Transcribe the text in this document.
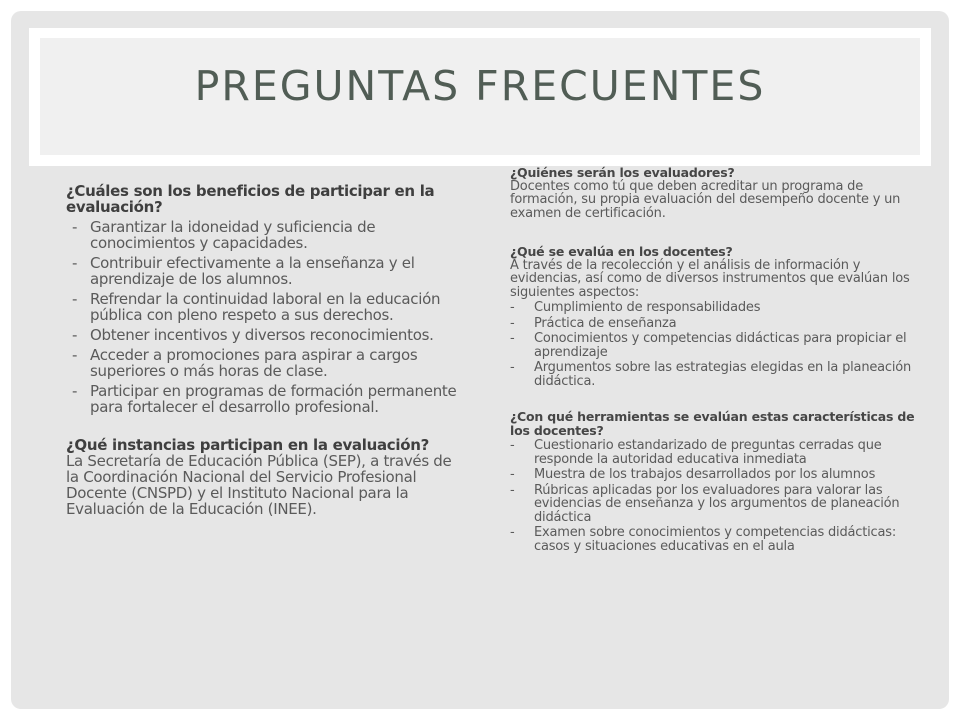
PREGUNTAS FRECUENTES

¿Cuáles son los beneficios de participar en la evaluación?

- Garantizar la idoneidad y suficiencia de conocimientos y capacidades.
- Contribuir efectivamente a la enseñanza y el aprendizaje de los alumnos.
- Refrendar la continuidad laboral en la educación pública con pleno respeto a sus derechos.
- Obtener incentivos y diversos reconocimientos.
- Acceder a promociones para aspirar a cargos superiores o más horas de clase.
- Participar en programas de formación permanente para fortalecer el desarrollo profesional.

¿Qué instancias participan en la evaluación?

La Secretaría de Educación Pública (SEP), a través de la Coordinación Nacional del Servicio Profesional Docente (CNSPD) y el Instituto Nacional para la Evaluación de la Educación (INEE).

¿Quiénes serán los evaluadores?

Docentes como tú que deben acreditar un programa de formación, su propia evaluación del desempeño docente y un examen de certificación.

¿Qué se evalúa en los docentes?

A través de la recolección y el análisis de información y evidencias, así como de diversos instrumentos que evalúan los siguientes aspectos:

- Cumplimiento de responsabilidades
- Práctica de enseñanza
- Conocimientos y competencias didácticas para propiciar el aprendizaje
- Argumentos sobre las estrategias elegidas en la planeación didáctica.

¿Con qué herramientas se evalúan estas características de los docentes?

- Cuestionario estandarizado de preguntas cerradas que responde la autoridad educativa inmediata
- Muestra de los trabajos desarrollados por los alumnos
- Rúbricas aplicadas por los evaluadores para valorar las evidencias de enseñanza y los argumentos de planeación didáctica
- Examen sobre conocimientos y competencias didácticas: casos y situaciones educativas en el aula
